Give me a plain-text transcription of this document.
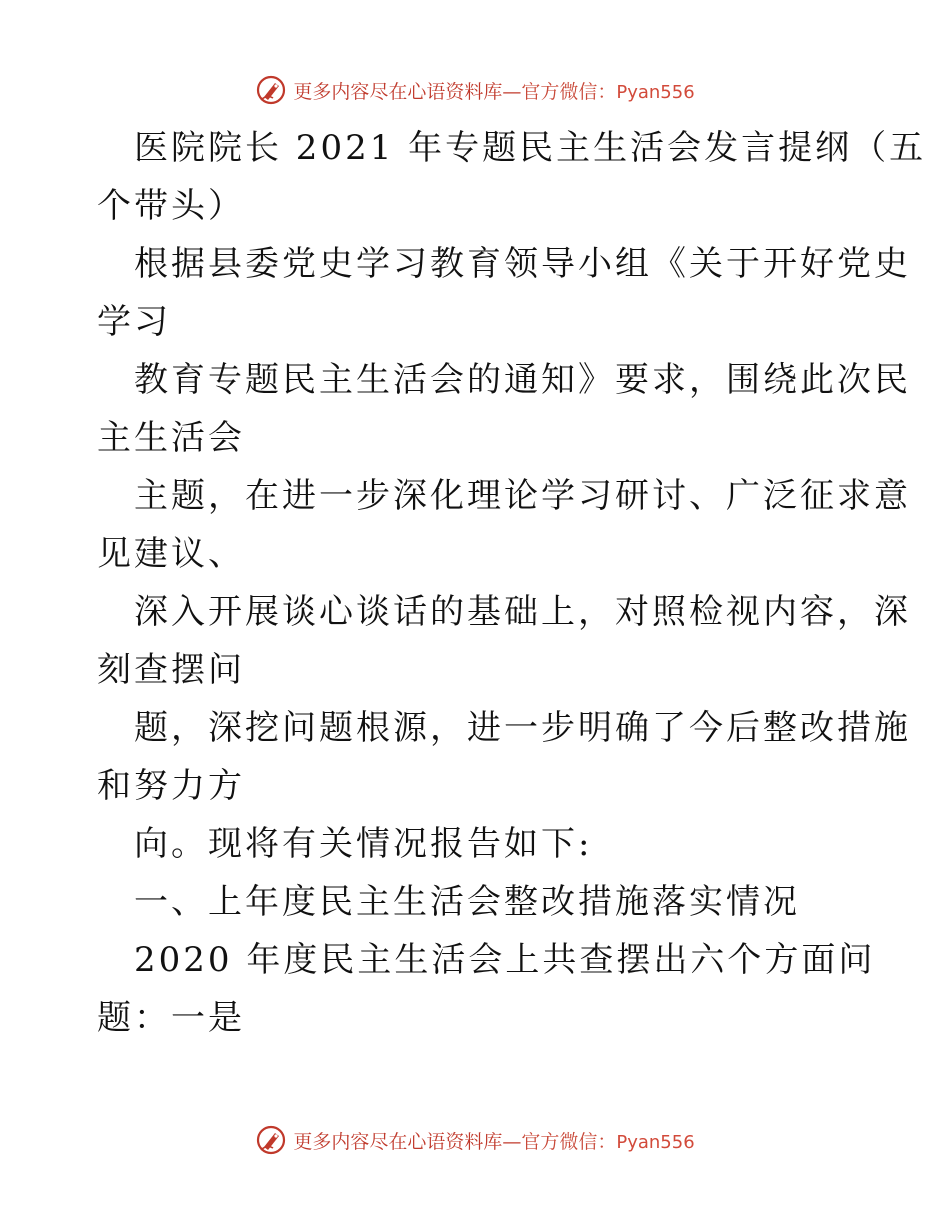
更多内容尽在心语资料库—官方微信：Pyan556
医院院长 2021 年专题民主生活会发言提纲（五
个带头）
根据县委党史学习教育领导小组《关于开好党史
学习
教育专题民主生活会的通知》要求，围绕此次民
主生活会
主题，在进一步深化理论学习研讨、广泛征求意
见建议、
深入开展谈心谈话的基础上，对照检视内容，深
刻查摆问
题，深挖问题根源，进一步明确了今后整改措施
和努力方
向。现将有关情况报告如下:
一、上年度民主生活会整改措施落实情况
2020 年度民主生活会上共查摆出六个方面问
题：一是
更多内容尽在心语资料库—官方微信：Pyan556
